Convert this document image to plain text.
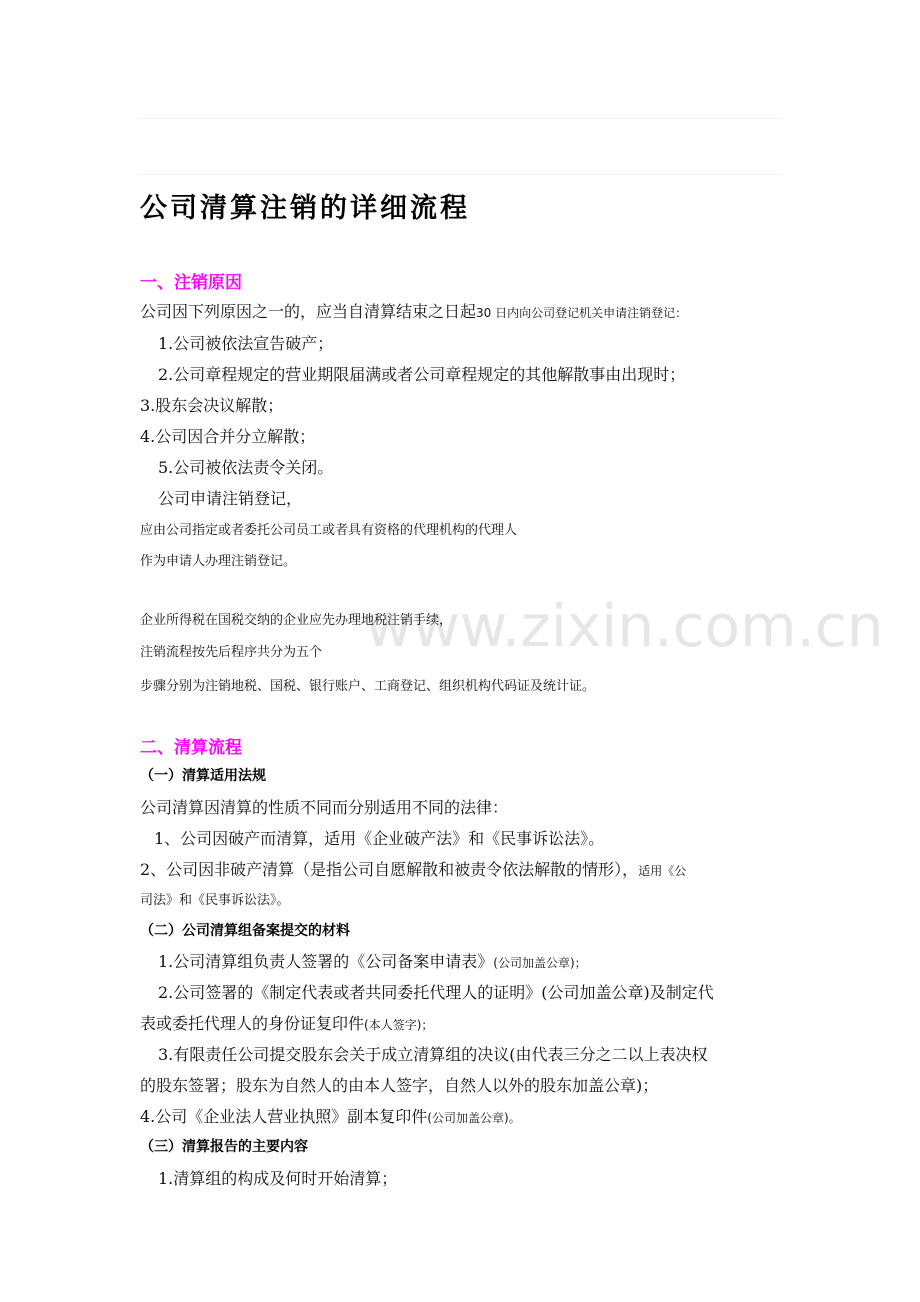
www.zixin.com.cn
公司清算注销的详细流程
一、注销原因
公司因下列原因之一的，应当自清算结束之日起30 日内向公司登记机关申请注销登记：
1.公司被依法宣告破产；
2.公司章程规定的营业期限届满或者公司章程规定的其他解散事由出现时；
3.股东会决议解散；
4.公司因合并分立解散；
5.公司被依法责令关闭。
公司申请注销登记，
应由公司指定或者委托公司员工或者具有资格的代理机构的代理人
作为申请人办理注销登记。
企业所得税在国税交纳的企业应先办理地税注销手续，
注销流程按先后程序共分为五个
步骤分别为注销地税、国税、银行账户、工商登记、组织机构代码证及统计证。
二、清算流程
（一）清算适用法规
公司清算因清算的性质不同而分别适用不同的法律：
1、公司因破产而清算，适用《企业破产法》和《民事诉讼法》。
2、公司因非破产清算（是指公司自愿解散和被责令依法解散的情形），适用《公
司法》和《民事诉讼法》。
（二）公司清算组备案提交的材料
1.公司清算组负责人签署的《公司备案申请表》(公司加盖公章)；
2.公司签署的《制定代表或者共同委托代理人的证明》(公司加盖公章)及制定代
表或委托代理人的身份证复印件(本人签字)；
3.有限责任公司提交股东会关于成立清算组的决议(由代表三分之二以上表决权
的股东签署；股东为自然人的由本人签字，自然人以外的股东加盖公章)；
4.公司《企业法人营业执照》副本复印件(公司加盖公章)。
（三）清算报告的主要内容
1.清算组的构成及何时开始清算；
